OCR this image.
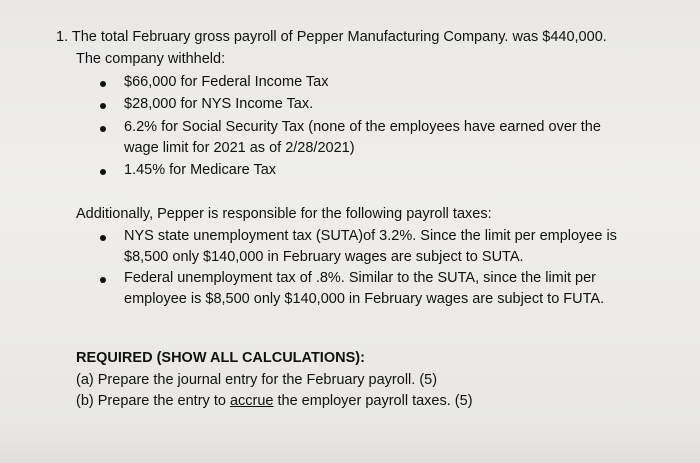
1. The total February gross payroll of Pepper Manufacturing Company. was $440,000.
The company withheld:
$66,000 for Federal Income Tax
$28,000 for NYS Income Tax.
6.2% for Social Security Tax (none of the employees have earned over the
wage limit for 2021 as of 2/28/2021)
1.45% for Medicare Tax
Additionally, Pepper is responsible for the following payroll taxes:
NYS state unemployment tax (SUTA)of 3.2%. Since the limit per employee is
$8,500 only $140,000 in February wages are subject to SUTA.
Federal unemployment tax of .8%. Similar to the SUTA, since the limit per
employee is $8,500 only $140,000 in February wages are subject to FUTA.
REQUIRED (SHOW ALL CALCULATIONS):
(a) Prepare the journal entry for the February payroll. (5)
(b) Prepare the entry to accrue the employer payroll taxes. (5)
